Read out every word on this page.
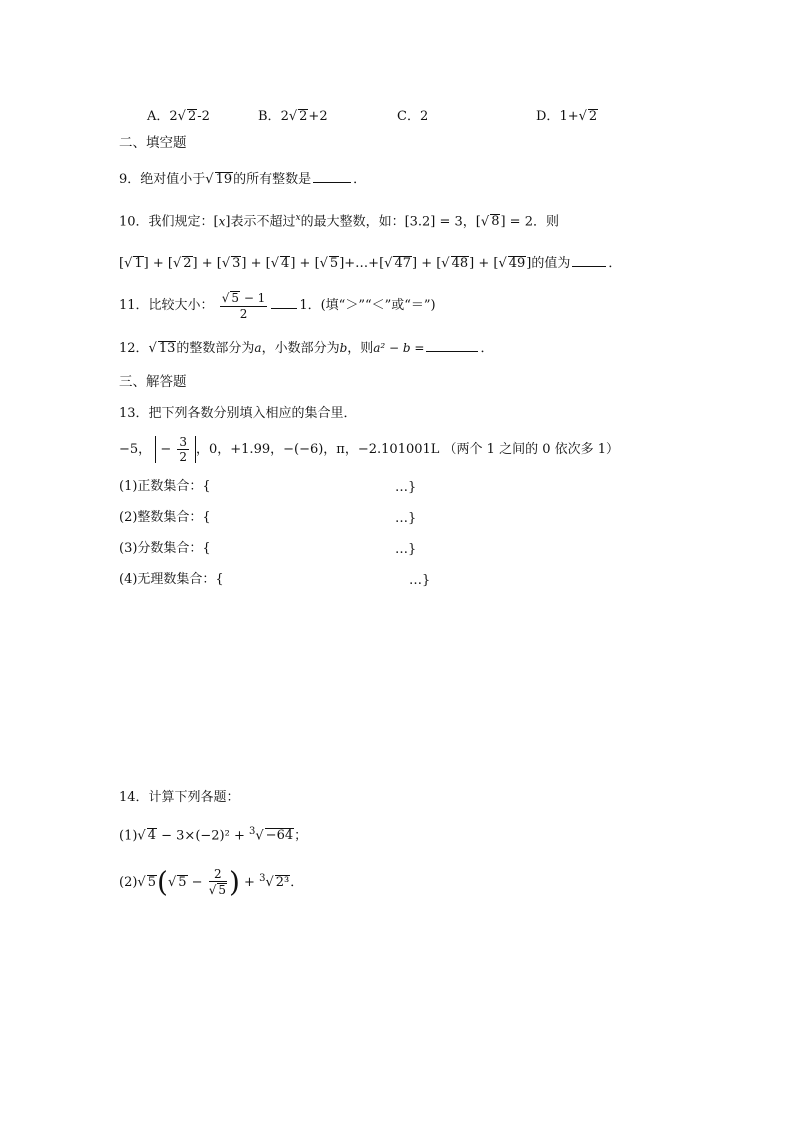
A．2√ 2-2	B．2√ 2+2	C．2	D．1+√ 2
二、填空题
9．绝对值小于√ 19的所有整数是	．
10．我们规定：[x]表示不超过$^x$的最大整数，如：[3.2] = 3，[√ 8] = 2．则
[√ 1] + [√ 2] + [√ 3] + [√ 4] + [√ 5]+…+[√ 47] + [√ 48] + [√ 49]的值为	．
11．比较大小： $\frac{√ 5 - 1}{2} 1$．(填“＞”“＜”或“＝”)
12．√ 13的整数部分为a，小数部分为b，则a² − b =	．
三、解答题
13．把下列各数分别填入相应的集合里．
−5， − $\frac{3}{2}$ ，0，+1.99，−(−6)，π，−2.101001L （两个 1 之间的 0 依次多 1）
(1)正数集合：{	…}
(2)整数集合：{	…}
(3)分数集合：{	…}
(4)无理数集合：{	…}
14．计算下列各题：
(1)√ 4 − 3×(−2)² + $^3$√ −64；
(2)√ 5(√ $5 - \frac{2}{√ 5}$ ) + $^3$√ 2³．
